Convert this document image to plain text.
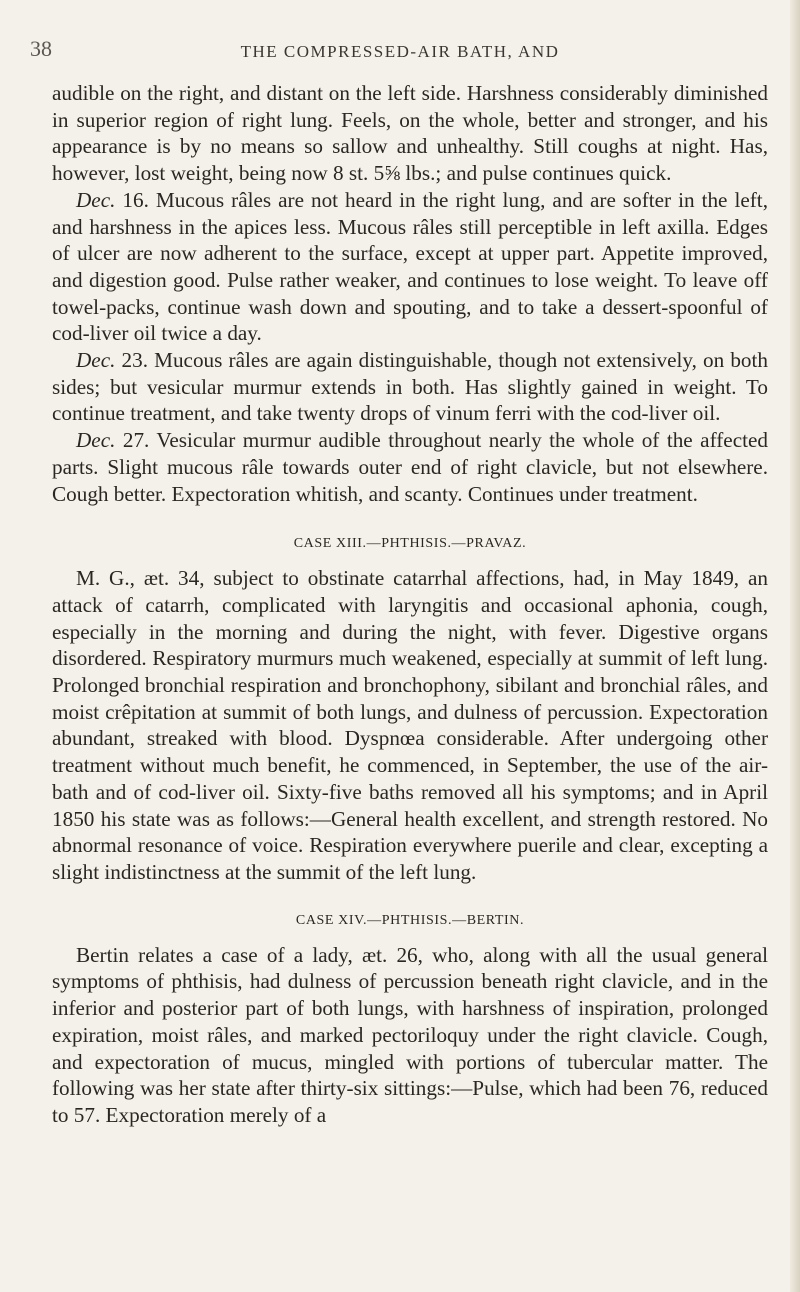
38	THE COMPRESSED-AIR BATH, AND

audible on the right, and distant on the left side. Harshness considerably diminished in superior region of right lung. Feels, on the whole, better and stronger, and his appearance is by no means so sallow and unhealthy. Still coughs at night. Has, however, lost weight, being now 8 st. 5⅝ lbs.; and pulse continues quick.

Dec. 16. Mucous râles are not heard in the right lung, and are softer in the left, and harshness in the apices less. Mucous râles still perceptible in left axilla. Edges of ulcer are now adherent to the surface, except at upper part. Appetite improved, and digestion good. Pulse rather weaker, and continues to lose weight. To leave off towel-packs, continue wash down and spouting, and to take a dessert-spoonful of cod-liver oil twice a day.

Dec. 23. Mucous râles are again distinguishable, though not extensively, on both sides; but vesicular murmur extends in both. Has slightly gained in weight. To continue treatment, and take twenty drops of vinum ferri with the cod-liver oil.

Dec. 27. Vesicular murmur audible throughout nearly the whole of the affected parts. Slight mucous râle towards outer end of right clavicle, but not elsewhere. Cough better. Expectoration whitish, and scanty. Continues under treatment.

CASE XIII.—PHTHISIS.—PRAVAZ.

M. G., æt. 34, subject to obstinate catarrhal affections, had, in May 1849, an attack of catarrh, complicated with laryngitis and occasional aphonia, cough, especially in the morning and during the night, with fever. Digestive organs disordered. Respiratory murmurs much weakened, especially at summit of left lung. Prolonged bronchial respiration and bronchophony, sibilant and bronchial râles, and moist crêpitation at summit of both lungs, and dulness of percussion. Expectoration abundant, streaked with blood. Dyspnœa considerable. After undergoing other treatment without much benefit, he commenced, in September, the use of the air-bath and of cod-liver oil. Sixty-five baths removed all his symptoms; and in April 1850 his state was as follows:—General health excellent, and strength restored. No abnormal resonance of voice. Respiration everywhere puerile and clear, excepting a slight indistinctness at the summit of the left lung.

CASE XIV.—PHTHISIS.—BERTIN.

Bertin relates a case of a lady, æt. 26, who, along with all the usual general symptoms of phthisis, had dulness of percussion beneath right clavicle, and in the inferior and posterior part of both lungs, with harshness of inspiration, prolonged expiration, moist râles, and marked pectoriloquy under the right clavicle. Cough, and expectoration of mucus, mingled with portions of tubercular matter. The following was her state after thirty-six sittings:—Pulse, which had been 76, reduced to 57. Expectoration merely of a
